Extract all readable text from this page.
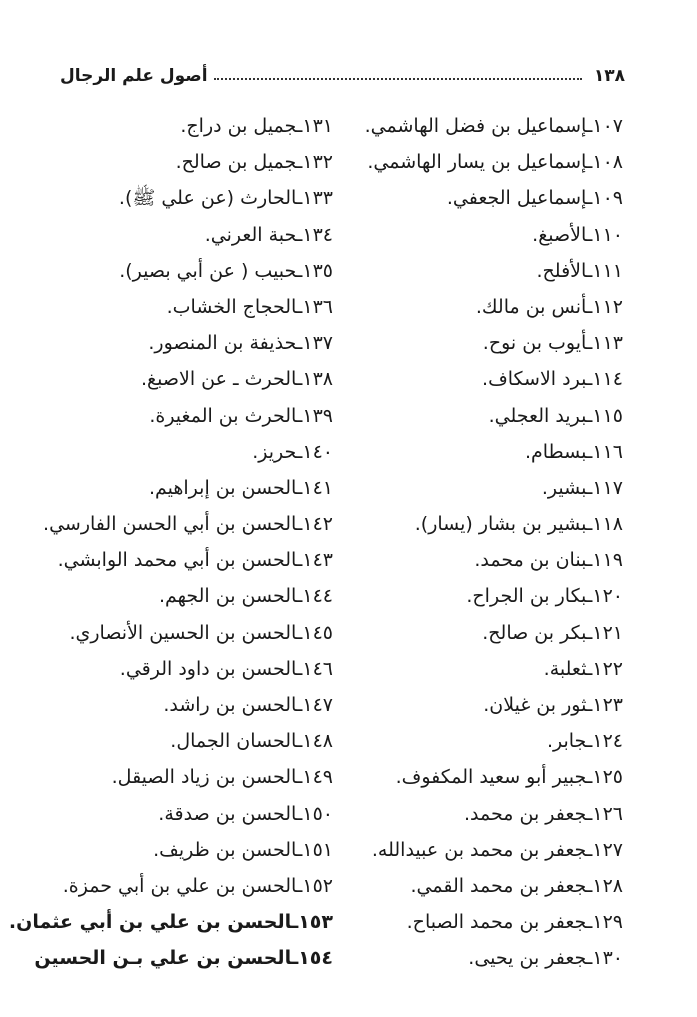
١٣٨
أصول علم الرجال
١٠٧ـإسماعيل بن فضل الهاشمي.
١٠٨ـإسماعيل بن يسار الهاشمي.
١٠٩ـإسماعيل الجعفي.
١١٠ـالأصبغ.
١١١ـالأفلح.
١١٢ـأنس بن مالك.
١١٣ـأيوب بن نوح.
١١٤ـبرد الاسكاف.
١١٥ـبريد العجلي.
١١٦ـبسطام.
١١٧ـبشير.
١١٨ـبشير بن بشار (يسار).
١١٩ـبنان بن محمد.
١٢٠ـبكار بن الجراح.
١٢١ـبكر بن صالح.
١٢٢ـثعلبة.
١٢٣ـثور بن غيلان.
١٢٤ـجابر.
١٢٥ـجبير أبو سعيد المكفوف.
١٢٦ـجعفر بن محمد.
١٢٧ـجعفر بن محمد بن عبيدالله.
١٢٨ـجعفر بن محمد القمي.
١٢٩ـجعفر بن محمد الصباح.
١٣٠ـجعفر بن يحيى.
١٣١ـجميل بن دراج.
١٣٢ـجميل بن صالح.
١٣٣ـالحارث (عن علي ﷺ).
١٣٤ـحبة العرني.
١٣٥ـحبيب ( عن أبي بصير).
١٣٦ـالحجاج الخشاب.
١٣٧ـحذيفة بن المنصور.
١٣٨ـالحرث ـ عن الاصبغ.
١٣٩ـالحرث بن المغيرة.
١٤٠ـحريز.
١٤١ـالحسن بن إبراهيم.
١٤٢ـالحسن بن أبي الحسن الفارسي.
١٤٣ـالحسن بن أبي محمد الوابشي.
١٤٤ـالحسن بن الجهم.
١٤٥ـالحسن بن الحسين الأنصاري.
١٤٦ـالحسن بن داود الرقي.
١٤٧ـالحسن بن راشد.
١٤٨ـالحسان الجمال.
١٤٩ـالحسن بن زياد الصيقل.
١٥٠ـالحسن بن صدقة.
١٥١ـالحسن بن ظريف.
١٥٢ـالحسن بن علي بن أبي حمزة.
١٥٣ـالحسن بن علي بن أبي عثمان.
١٥٤ـالحسن بن علي بـن الحسين
